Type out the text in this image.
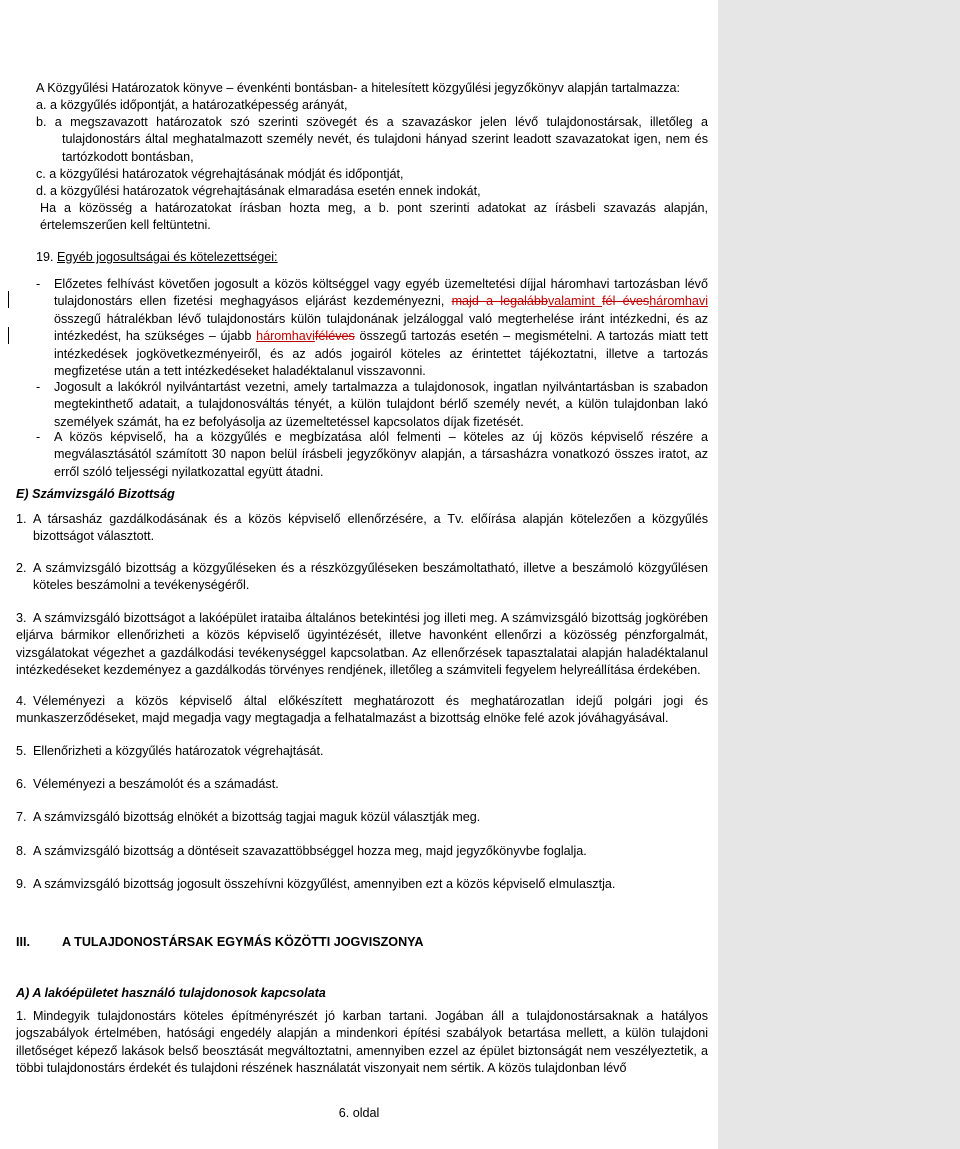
A Közgyűlési Határozatok könyve – évenkénti bontásban- a hitelesített közgyűlési jegyzőkönyv alapján tartalmazza:
a. a közgyűlés időpontját, a határozatképesség arányát,

b. a megszavazott határozatok szó szerinti szövegét és a szavazáskor jelen lévő tulajdonostársak, illetőleg a tulajdonostárs által meghatalmazott személy nevét, és tulajdoni hányad szerint leadott szavazatokat igen, nem és tartózkodott bontásban,

c. a közgyűlési határozatok végrehajtásának módját és időpontját,
d. a közgyűlési határozatok végrehajtásának elmaradása esetén ennek indokát,

Ha a közösség a határozatokat írásban hozta meg, a b. pont szerinti adatokat az írásbeli szavazás alapján, értelemszerűen kell feltüntetni.

19. Egyéb jogosultságai és kötelezettségei:
-	Előzetes felhívást követően jogosult a közös költséggel vagy egyéb üzemeltetési díjjal háromhavi tartozásban lévő tulajdonostárs ellen fizetési meghagyásos eljárást kezdeményezni, majd a legalábbvalamint fél évesháromhavi összegű hátralékban lévő tulajdonostárs külön tulajdonának jelzáloggal való megterhelése iránt intézkedni, és az intézkedést, ha szükséges – újabb háromhaviféléves összegű tartozás esetén – megismételni. A tartozás miatt tett intézkedések jogkövetkezményeiről, és az adós jogairól köteles az érintettet tájékoztatni, illetve a tartozás megfizetése után a tett intézkedéseket haladéktalanul visszavonni.

-	Jogosult a lakókról nyilvántartást vezetni, amely tartalmazza a tulajdonosok, ingatlan nyilvántartásban is szabadon megtekinthető adatait, a tulajdonosváltás tényét, a külön tulajdont bérlő személy nevét, a külön tulajdonban lakó személyek számát, ha ez befolyásolja az üzemeltetéssel kapcsolatos díjak fizetését.

-	A közös képviselő, ha a közgyűlés e megbízatása alól felmenti – köteles az új közös képviselő részére a megválasztásától számított 30 napon belül írásbeli jegyzőkönyv alapján, a társasházra vonatkozó összes iratot, az erről szóló teljességi nyilatkozattal együtt átadni.

E) Számvizsgáló Bizottság
1. A társasház gazdálkodásának és a közös képviselő ellenőrzésére, a Tv. előírása alapján kötelezően a közgyűlés bizottságot választott.

2. A számvizsgáló bizottság a közgyűléseken és a részközgyűléseken beszámoltatható, illetve a beszámoló közgyűlésen köteles beszámolni a tevékenységéről.

3. A számvizsgáló bizottságot a lakóépület irataiba általános betekintési jog illeti meg. A számvizsgáló bizottság jogkörében eljárva bármikor ellenőrizheti a közös képviselő ügyintézését, illetve havonként ellenőrzi a közösség pénzforgalmát, vizsgálatokat végezhet a gazdálkodási tevékenységgel kapcsolatban. Az ellenőrzések tapasztalatai alapján haladéktalanul intézkedéseket kezdeményez a gazdálkodás törvényes rendjének, illetőleg a számviteli fegyelem helyreállítása érdekében.

4. Véleményezi a közös képviselő által előkészített meghatározott és meghatározatlan idejű polgári jogi és munkaszerződéseket, majd megadja vagy megtagadja a felhatalmazást a bizottság elnöke felé azok jóváhagyásával.

5. Ellenőrizheti a közgyűlés határozatok végrehajtását.

6. Véleményezi a beszámolót és a számadást.

7. A számvizsgáló bizottság elnökét a bizottság tagjai maguk közül választják meg.

8. A számvizsgáló bizottság a döntéseit szavazattöbbséggel hozza meg, majd jegyzőkönyvbe foglalja.

9. A számvizsgáló bizottság jogosult összehívni közgyűlést, amennyiben ezt a közös képviselő elmulasztja.

III.	A TULAJDONOSTÁRSAK EGYMÁS KÖZÖTTI JOGVISZONYA
A) A lakóépületet használó tulajdonosok kapcsolata
1. Mindegyik tulajdonostárs köteles építményrészét jó karban tartani. Jogában áll a tulajdonostársaknak a hatályos jogszabályok értelmében, hatósági engedély alapján a mindenkori építési szabályok betartása mellett, a külön tulajdoni illetőséget képező lakások belső beosztását megváltoztatni, amennyiben ezzel az épület biztonságát nem veszélyeztetik, a többi tulajdonostárs érdekét és tulajdoni részének használatát viszonyait nem sértik. A közös tulajdonban lévő

6. oldal
